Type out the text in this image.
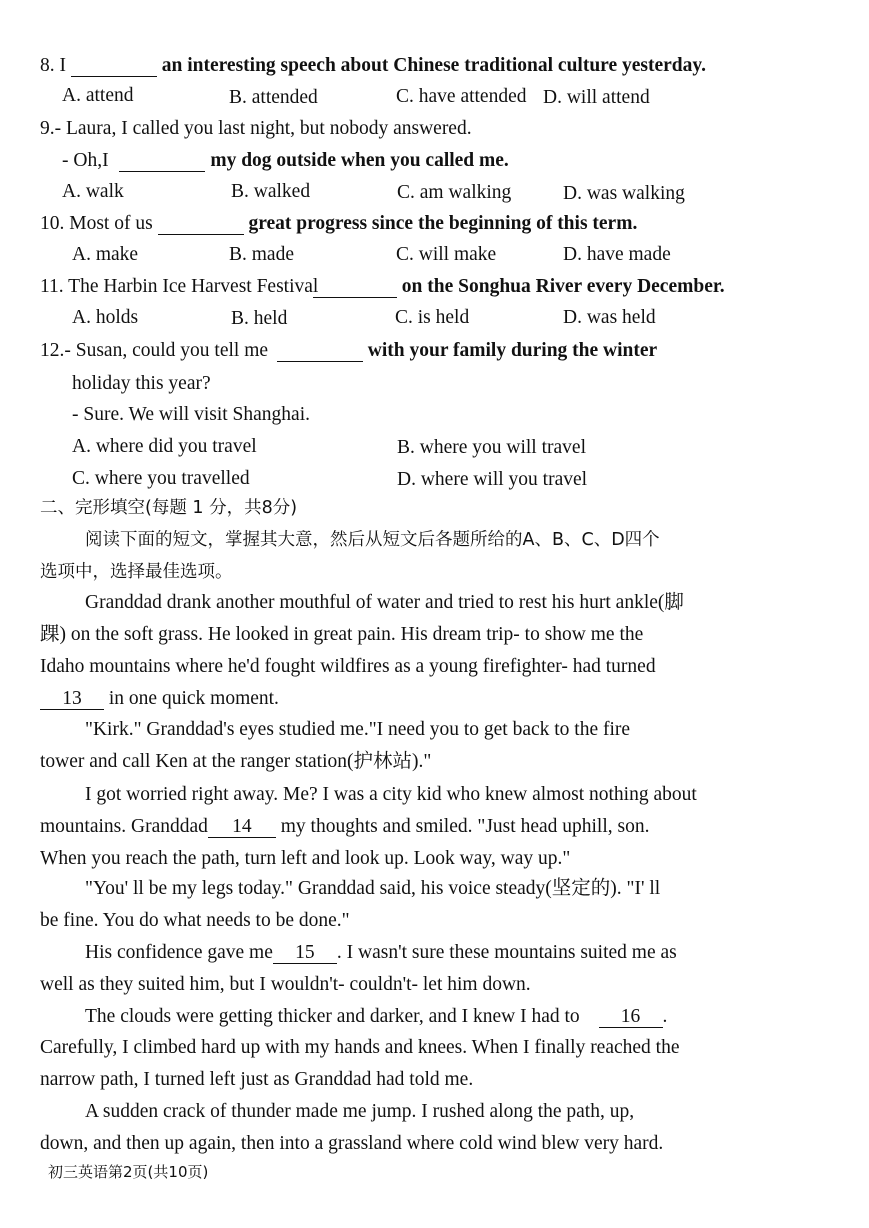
8. I	an interesting speech about Chinese traditional culture yesterday.
A. attend	B. attended	C. have attended D. will attend
9.- Laura, I called you last night, but nobody answered.
- Oh,I	my dog outside when you called me.
A. walk	B. walked	C. am walking	D. was walking
10. Most of us	great progress since the beginning of this term.
A. make	B. made	C. will make	D. have made
11. The Harbin Ice Harvest Festival	on the Songhua River every December.
A. holds	B. held	C. is held	D. was held
12.- Susan, could you tell me	with your family during the winter
holiday this year?
- Sure. We will visit Shanghai.
A. where did you travel	B. where you will travel
C. where you travelled	D. where will you travel
二、完形填空(每题 1 分，共8分)
阅读下面的短文，掌握其大意，然后从短文后各题所给的A、B、C、D四个
选项中，选择最佳选项。
Granddad drank another mouthful of water and tried to rest his hurt ankle(脚
踝) on the soft grass. He looked in great pain. His dream trip- to show me the
Idaho mountains where he'd fought wildfires as a young firefighter- had turned
13 in one quick moment.
"Kirk." Granddad's eyes studied me."I need you to get back to the fire
tower and call Ken at the ranger station(护林站)."
I got worried right away. Me? I was a city kid who knew almost nothing about
mountains. Granddad 14 my thoughts and smiled. "Just head uphill, son.
When you reach the path, turn left and look up. Look way, way up."
"You' ll be my legs today." Granddad said, his voice steady(坚定的). "I' ll
be fine. You do what needs to be done."
His confidence gave me 15 . I wasn't sure these mountains suited me as
well as they suited him, but I wouldn't- couldn't- let him down.
The clouds were getting thicker and darker, and I knew I had to 16 .
Carefully, I climbed hard up with my hands and knees. When I finally reached the
narrow path, I turned left just as Granddad had told me.
A sudden crack of thunder made me jump. I rushed along the path, up,
down, and then up again, then into a grassland where cold wind blew very hard.
初三英语第2页(共10页)
